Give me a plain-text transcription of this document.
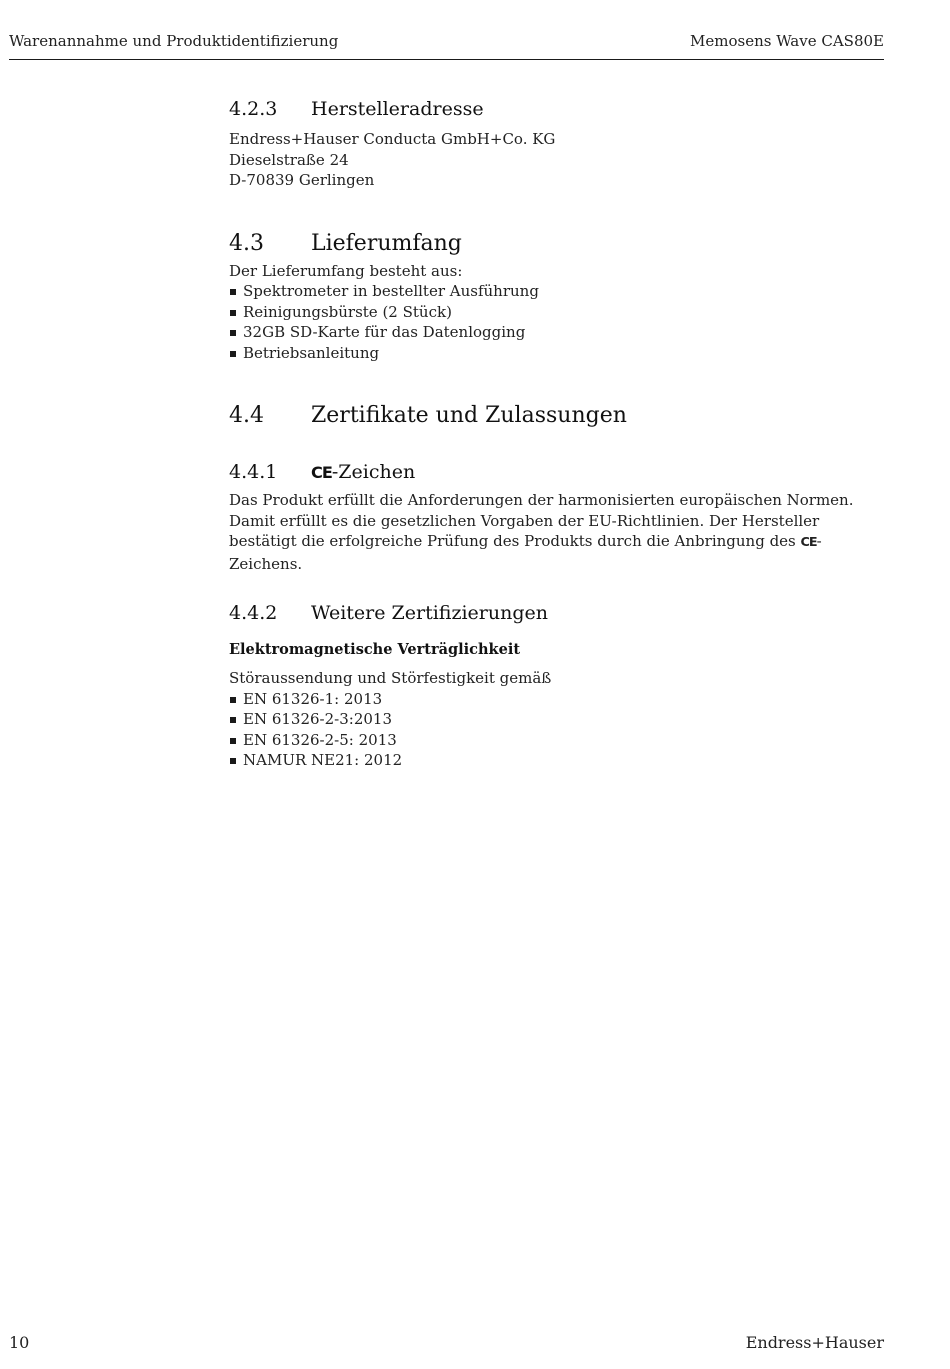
Warenannahme und Produktidentifizierung	Memosens Wave CAS80E
4.2.3	Herstelleradresse

Endress+Hauser Conducta GmbH+Co. KG
Dieselstraße 24
D-70839 Gerlingen

4.3	Lieferumfang

Der Lieferumfang besteht aus:

Spektrometer in bestellter Ausführung
Reinigungsbürste (2 Stück)
32GB SD-Karte für das Datenlogging
Betriebsanleitung
4.4	Zertifikate und Zulassungen
4.4.1	CE-Zeichen

Das Produkt erfüllt die Anforderungen der harmonisierten europäischen Normen. Damit erfüllt es die gesetzlichen Vorgaben der EU-Richtlinien. Der Hersteller bestätigt die erfolgreiche Prüfung des Produkts durch die Anbringung des CE-Zeichens.

4.4.2	Weitere Zertifizierungen
Elektromagnetische Verträglichkeit

Störaussendung und Störfestigkeit gemäß

EN 61326-1: 2013
EN 61326-2-3:2013
EN 61326-2-5: 2013
NAMUR NE21: 2012
10	Endress+Hauser
